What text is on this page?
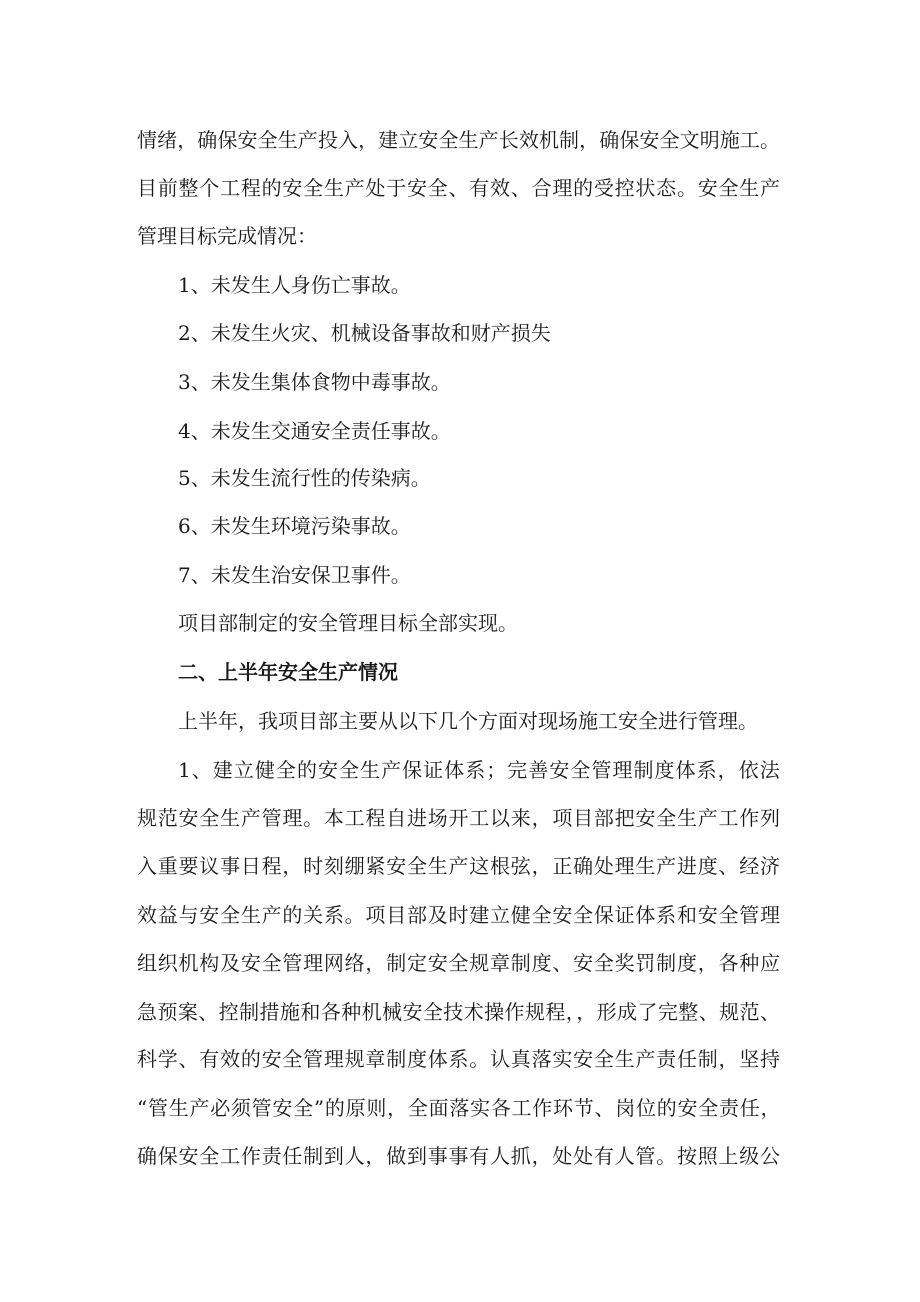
情绪，确保安全生产投入，建立安全生产长效机制，确保安全文明施工。
目前整个工程的安全生产处于安全、有效、合理的受控状态。安全生产
管理目标完成情况：
1、未发生人身伤亡事故。
2、未发生火灾、机械设备事故和财产损失
3、未发生集体食物中毒事故。
4、未发生交通安全责任事故。
5、未发生流行性的传染病。
6、未发生环境污染事故。
7、未发生治安保卫事件。
项目部制定的安全管理目标全部实现。
二、上半年安全生产情况
上半年，我项目部主要从以下几个方面对现场施工安全进行管理。
1、建立健全的安全生产保证体系；完善安全管理制度体系，依法
规范安全生产管理。本工程自进场开工以来，项目部把安全生产工作列
入重要议事日程，时刻绷紧安全生产这根弦，正确处理生产进度、经济
效益与安全生产的关系。项目部及时建立健全安全保证体系和安全管理
组织机构及安全管理网络，制定安全规章制度、安全奖罚制度，各种应
急预案、控制措施和各种机械安全技术操作规程，，形成了完整、规范、
科学、有效的安全管理规章制度体系。认真落实安全生产责任制，坚持
“管生产必须管安全”的原则，全面落实各工作环节、岗位的安全责任，
确保安全工作责任制到人，做到事事有人抓，处处有人管。按照上级公
